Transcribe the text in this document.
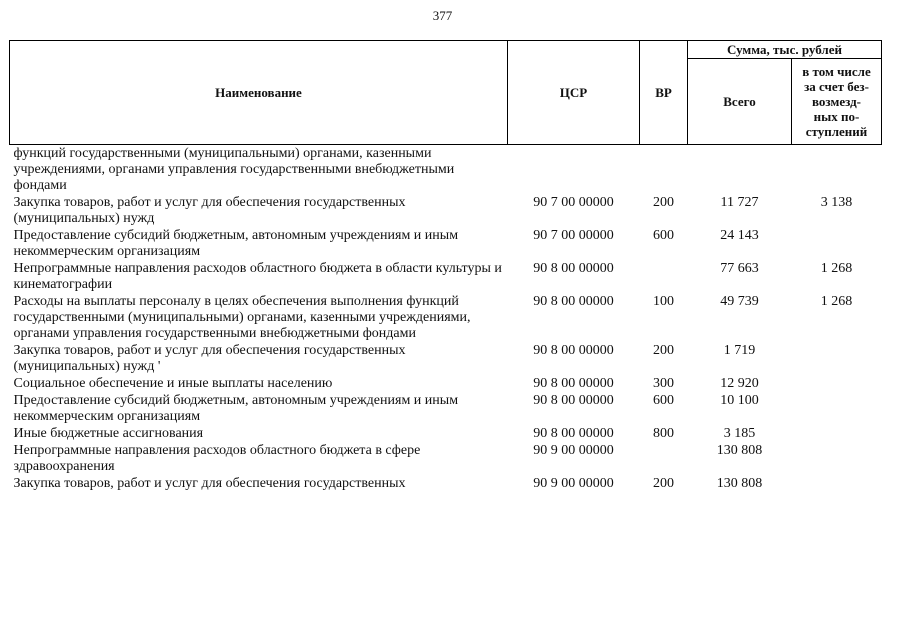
377
Наименование	ЦСР	ВР	Сумма, тыс. рублей	
			Всего	в том числе
за счет без-
возмезд-
ных по-
ступлений

функций государственными (муниципальными) органами, казенными учреждениями, органами управления государственными внебюджетными фондами				
Закупка товаров, работ и услуг для обеспечения государственных (муниципальных) нужд	90 7 00 00000	200	11 727	3 138
Предоставление субсидий бюджетным, автономным учреждениям и иным некоммерческим организациям	90 7 00 00000	600	24 143	
Непрограммные направления расходов областного бюджета в области культуры и кинематографии	90 8 00 00000		77 663	1 268
Расходы на выплаты персоналу в целях обеспечения выполнения функций государственными (муниципальными) органами, казенными учреждениями, органами управления государственными внебюджетными фондами	90 8 00 00000	100	49 739	1 268
Закупка товаров, работ и услуг для обеспечения государственных (муниципальных) нужд '	90 8 00 00000	200	1 719	
Социальное обеспечение и иные выплаты населению	90 8 00 00000	300	12 920	
Предоставление субсидий бюджетным, автономным учреждениям и иным некоммерческим организациям	90 8 00 00000	600	10 100	
Иные бюджетные ассигнования	90 8 00 00000	800	3 185	
Непрограммные направления расходов областного бюджета в сфере здравоохранения	90 9 00 00000		130 808	
Закупка товаров, работ и услуг для обеспечения государственных	90 9 00 00000	200	130 808	
